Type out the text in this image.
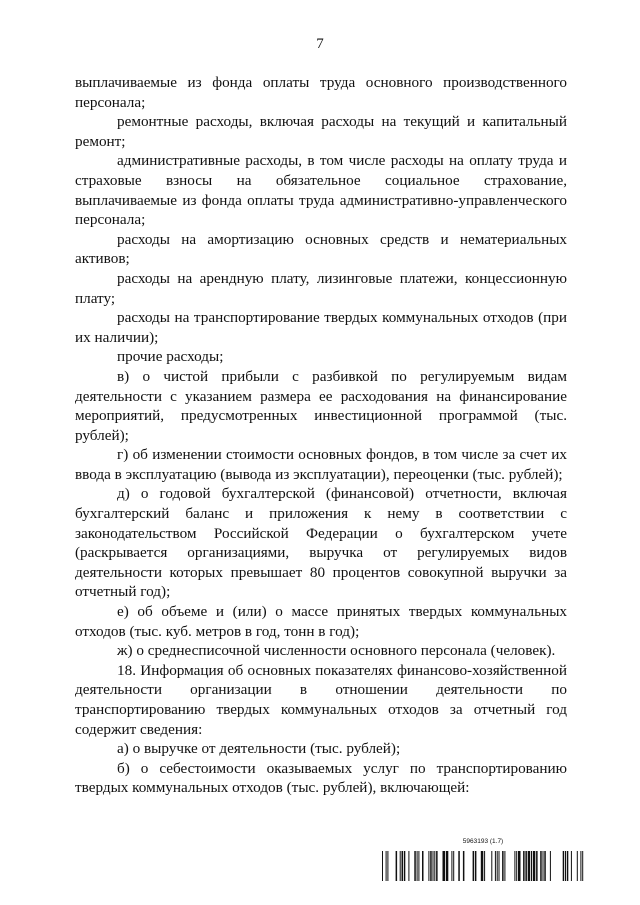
7

выплачиваемые из фонда оплаты труда основного производственного персонала;

ремонтные расходы, включая расходы на текущий и капитальный ремонт;

административные расходы, в том числе расходы на оплату труда и страховые взносы на обязательное социальное страхование, выплачиваемые из фонда оплаты труда административно-управленческого персонала;

расходы на амортизацию основных средств и нематериальных активов;

расходы на арендную плату, лизинговые платежи, концессионную плату;

расходы на транспортирование твердых коммунальных отходов (при их наличии);

прочие расходы;

в) о чистой прибыли с разбивкой по регулируемым видам деятельности с указанием размера ее расходования на финансирование мероприятий, предусмотренных инвестиционной программой (тыс. рублей);

г) об изменении стоимости основных фондов, в том числе за счет их ввода в эксплуатацию (вывода из эксплуатации), переоценки (тыс. рублей);

д) о годовой бухгалтерской (финансовой) отчетности, включая бухгалтерский баланс и приложения к нему в соответствии с законодательством Российской Федерации о бухгалтерском учете (раскрывается организациями, выручка от регулируемых видов деятельности которых превышает 80 процентов совокупной выручки за отчетный год);

е) об объеме и (или) о массе принятых твердых коммунальных отходов (тыс. куб. метров в год, тонн в год);

ж) о среднесписочной численности основного персонала (человек).

18. Информация об основных показателях финансово-хозяйственной деятельности организации в отношении деятельности по транспортированию твердых коммунальных отходов за отчетный год содержит сведения:

а) о выручке от деятельности (тыс. рублей);

б) о себестоимости оказываемых услуг по транспортированию твердых коммунальных отходов (тыс. рублей), включающей:

5963193 (1.7)
